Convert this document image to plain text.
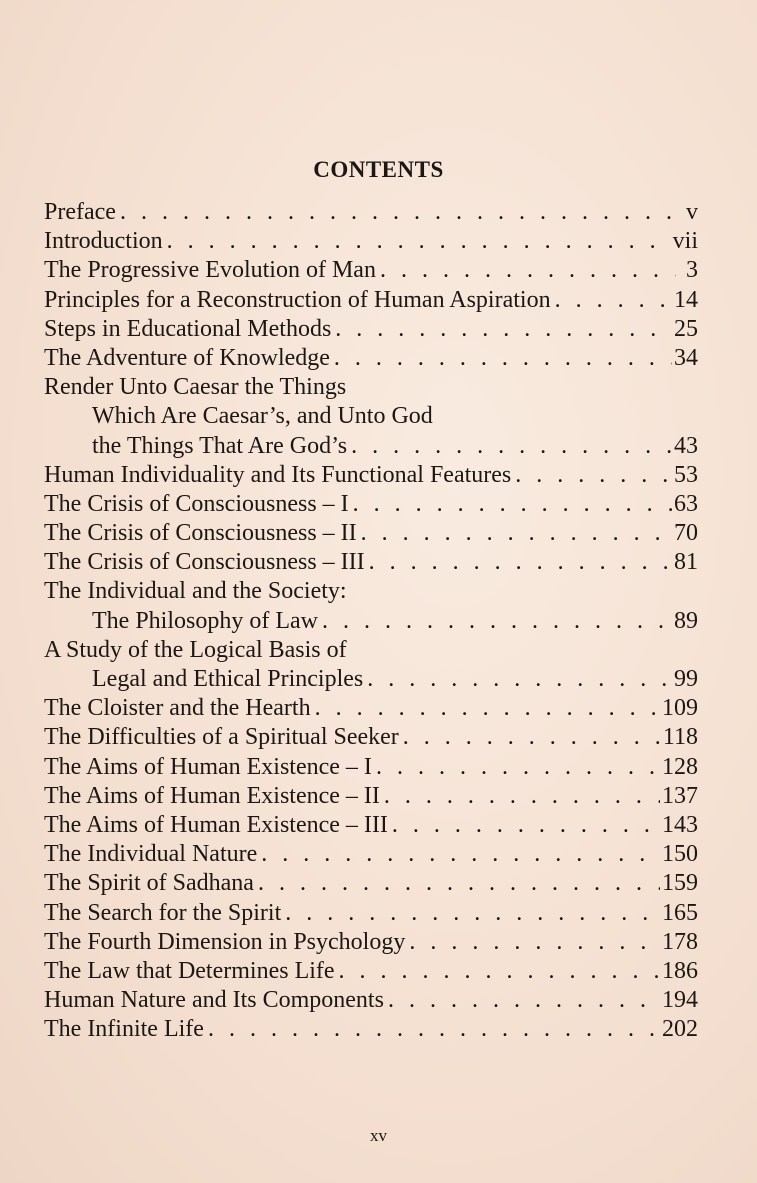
CONTENTS
Preface . . .	v
Introduction . . .	vii
The Progressive Evolution of Man . . .	3
Principles for a Reconstruction of Human Aspiration . . .	14
Steps in Educational Methods . . .	25
The Adventure of Knowledge . . .	34
Render Unto Caesar the Things
Which Are Caesar’s, and Unto God
the Things That Are God’s . . .	43
Human Individuality and Its Functional Features . . .	53
The Crisis of Consciousness – I . . .	63
The Crisis of Consciousness – II . . .	70
The Crisis of Consciousness – III . . .	81
The Individual and the Society:
The Philosophy of Law . . .	89
A Study of the Logical Basis of
Legal and Ethical Principles . . .	99
The Cloister and the Hearth . . .	109
The Difficulties of a Spiritual Seeker . . .	118
The Aims of Human Existence – I . . .	128
The Aims of Human Existence – II . . .	137
The Aims of Human Existence – III . . .	143
The Individual Nature . . .	150
The Spirit of Sadhana . . .	159
The Search for the Spirit . . .	165
The Fourth Dimension in Psychology . . .	178
The Law that Determines Life . . .	186
Human Nature and Its Components . . .	194
The Infinite Life . . .	202
xv
